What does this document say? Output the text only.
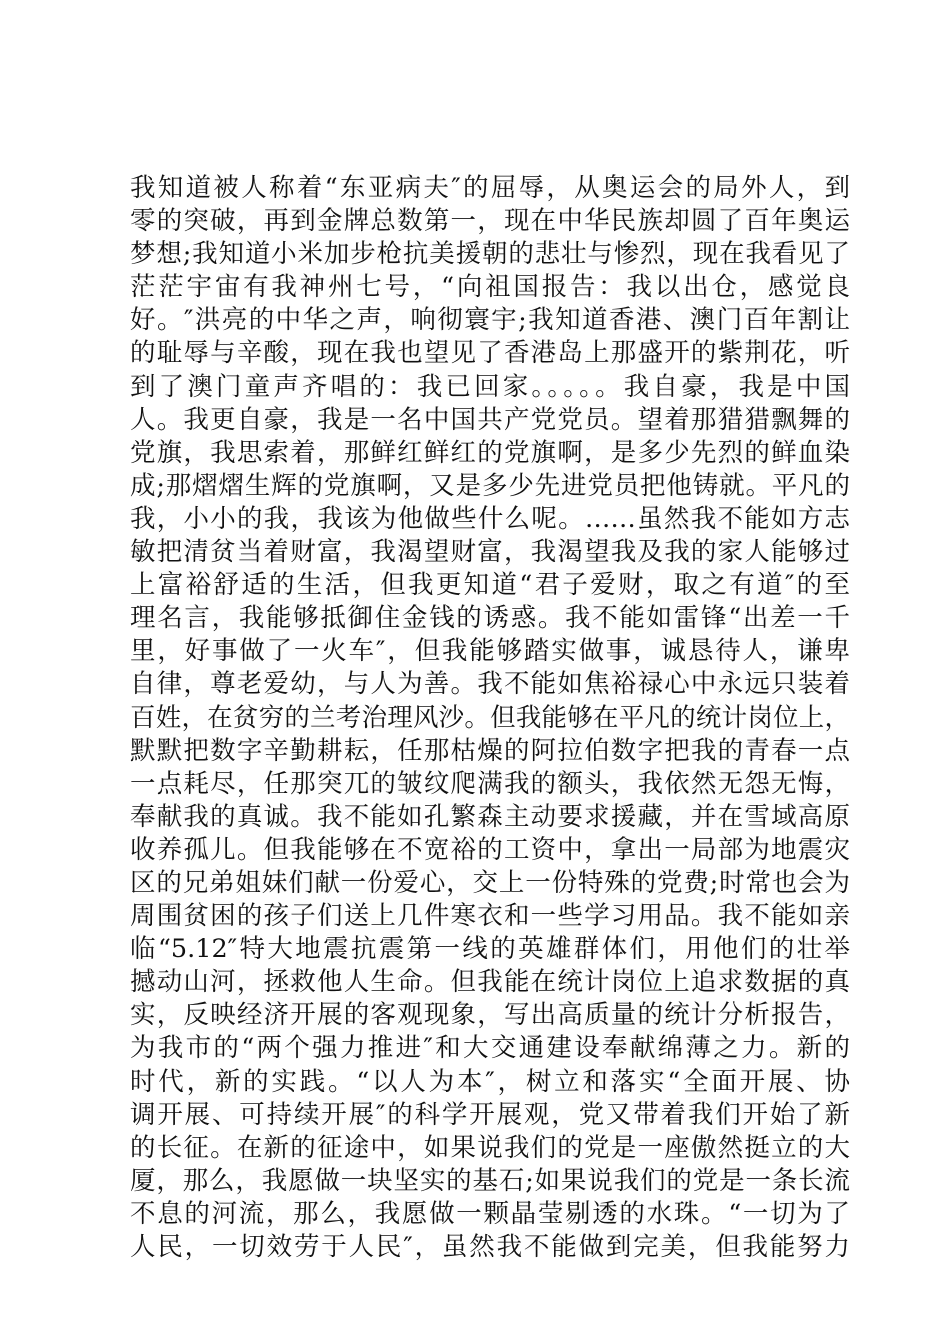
我知道被人称着“东亚病夫″的屈辱，从奥运会的局外人，到
零的突破，再到金牌总数第一，现在中华民族却圆了百年奥运
梦想;我知道小米加步枪抗美援朝的悲壮与惨烈，现在我看见了
茫茫宇宙有我神州七号，“向祖国报告：我以出仓，感觉良
好。″洪亮的中华之声，响彻寰宇;我知道香港、澳门百年割让
的耻辱与辛酸，现在我也望见了香港岛上那盛开的紫荆花，听
到了澳门童声齐唱的：我已回家。。。。。我自豪，我是中国
人。我更自豪，我是一名中国共产党党员。望着那猎猎飘舞的
党旗，我思索着，那鲜红鲜红的党旗啊，是多少先烈的鲜血染
成;那熠熠生辉的党旗啊，又是多少先进党员把他铸就。平凡的
我，小小的我，我该为他做些什么呢。……虽然我不能如方志
敏把清贫当着财富，我渴望财富，我渴望我及我的家人能够过
上富裕舒适的生活，但我更知道“君子爱财，取之有道″的至
理名言，我能够抵御住金钱的诱惑。我不能如雷锋“出差一千
里，好事做了一火车″，但我能够踏实做事，诚恳待人，谦卑
自律，尊老爱幼，与人为善。我不能如焦裕禄心中永远只装着
百姓，在贫穷的兰考治理风沙。但我能够在平凡的统计岗位上，
默默把数字辛勤耕耘，任那枯燥的阿拉伯数字把我的青春一点
一点耗尽，任那突兀的皱纹爬满我的额头，我依然无怨无悔，
奉献我的真诚。我不能如孔繁森主动要求援藏，并在雪域高原
收养孤儿。但我能够在不宽裕的工资中，拿出一局部为地震灾
区的兄弟姐妹们献一份爱心，交上一份特殊的党费;时常也会为
周围贫困的孩子们送上几件寒衣和一些学习用品。我不能如亲
临“5.12″特大地震抗震第一线的英雄群体们，用他们的壮举
撼动山河，拯救他人生命。但我能在统计岗位上追求数据的真
实，反映经济开展的客观现象，写出高质量的统计分析报告，
为我市的“两个强力推进″和大交通建设奉献绵薄之力。新的
时代，新的实践。“以人为本″，树立和落实“全面开展、协
调开展、可持续开展″的科学开展观，党又带着我们开始了新
的长征。在新的征途中，如果说我们的党是一座傲然挺立的大
厦，那么，我愿做一块坚实的基石;如果说我们的党是一条长流
不息的河流，那么，我愿做一颗晶莹剔透的水珠。“一切为了
人民，一切效劳于人民″，虽然我不能做到完美，但我能努力
